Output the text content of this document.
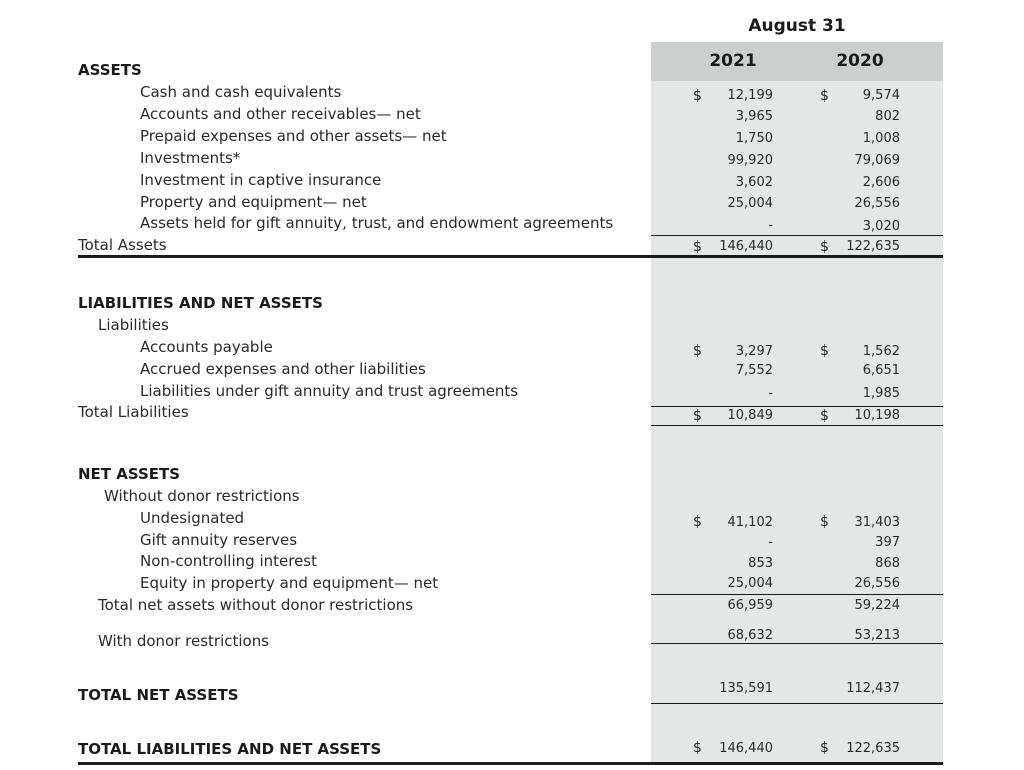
August 31
2021	2020
ASSETS
Cash and cash equivalents	$	12,199	$	9,574
Accounts and other receivables— net	3,965	802
Prepaid expenses and other assets— net	1,750	1,008
Investments*	99,920	79,069
Investment in captive insurance	3,602	2,606
Property and equipment— net	25,004	26,556
Assets held for gift annuity, trust, and endowment agreements	-	3,020
Total Assets	$	146,440	$	122,635
LIABILITIES AND NET ASSETS
Liabilities
Accounts payable	$	3,297	$	1,562
Accrued expenses and other liabilities	7,552	6,651
Liabilities under gift annuity and trust agreements	-	1,985
Total Liabilities	$	10,849	$	10,198
NET ASSETS
Without donor restrictions
Undesignated	$	41,102	$	31,403
Gift annuity reserves	-	397
Non-controlling interest	853	868
Equity in property and equipment— net	25,004	26,556
Total net assets without donor restrictions	66,959	59,224
With donor restrictions	68,632	53,213
TOTAL NET ASSETS	135,591	112,437
TOTAL LIABILITIES AND NET ASSETS	$	146,440	$	122,635
